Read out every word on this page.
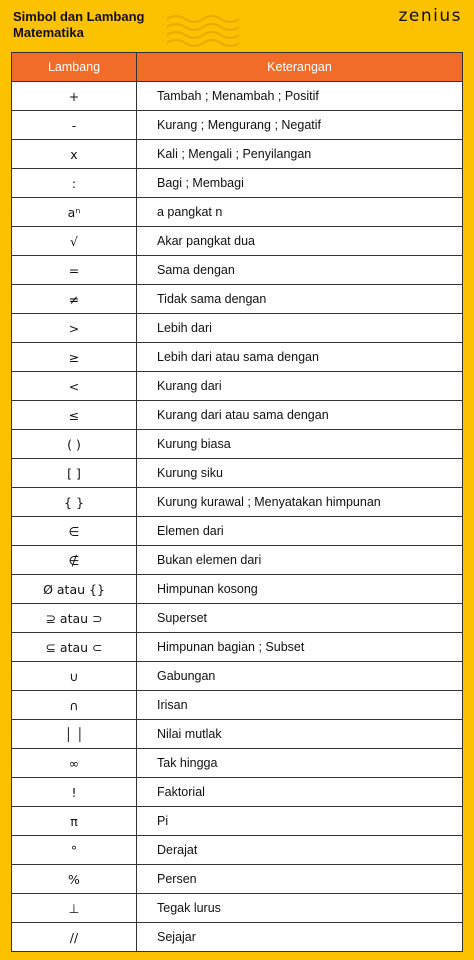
Simbol dan Lambang
Matematika
zenius
Lambang	Keterangan
+	Tambah ; Menambah ; Positif
-	Kurang ; Mengurang ; Negatif
x	Kali ; Mengali ; Penyilangan
:	Bagi ; Membagi
aⁿ	a pangkat n
√	Akar pangkat dua
=	Sama dengan
≠	Tidak sama dengan
>	Lebih dari
≥	Lebih dari atau sama dengan
<	Kurang dari
≤	Kurang dari atau sama dengan
( )	Kurung biasa
[ ]	Kurung siku
{ }	Kurung kurawal ; Menyatakan himpunan
∈	Elemen dari
∉	Bukan elemen dari
Ø atau {}	Himpunan kosong
⊇ atau ⊃	Superset
⊆ atau ⊂	Himpunan bagian ; Subset
∪	Gabungan
∩	Irisan
│ │	Nilai mutlak
∞	Tak hingga
!	Faktorial
π	Pi
°	Derajat
%	Persen
⊥	Tegak lurus
//	Sejajar
